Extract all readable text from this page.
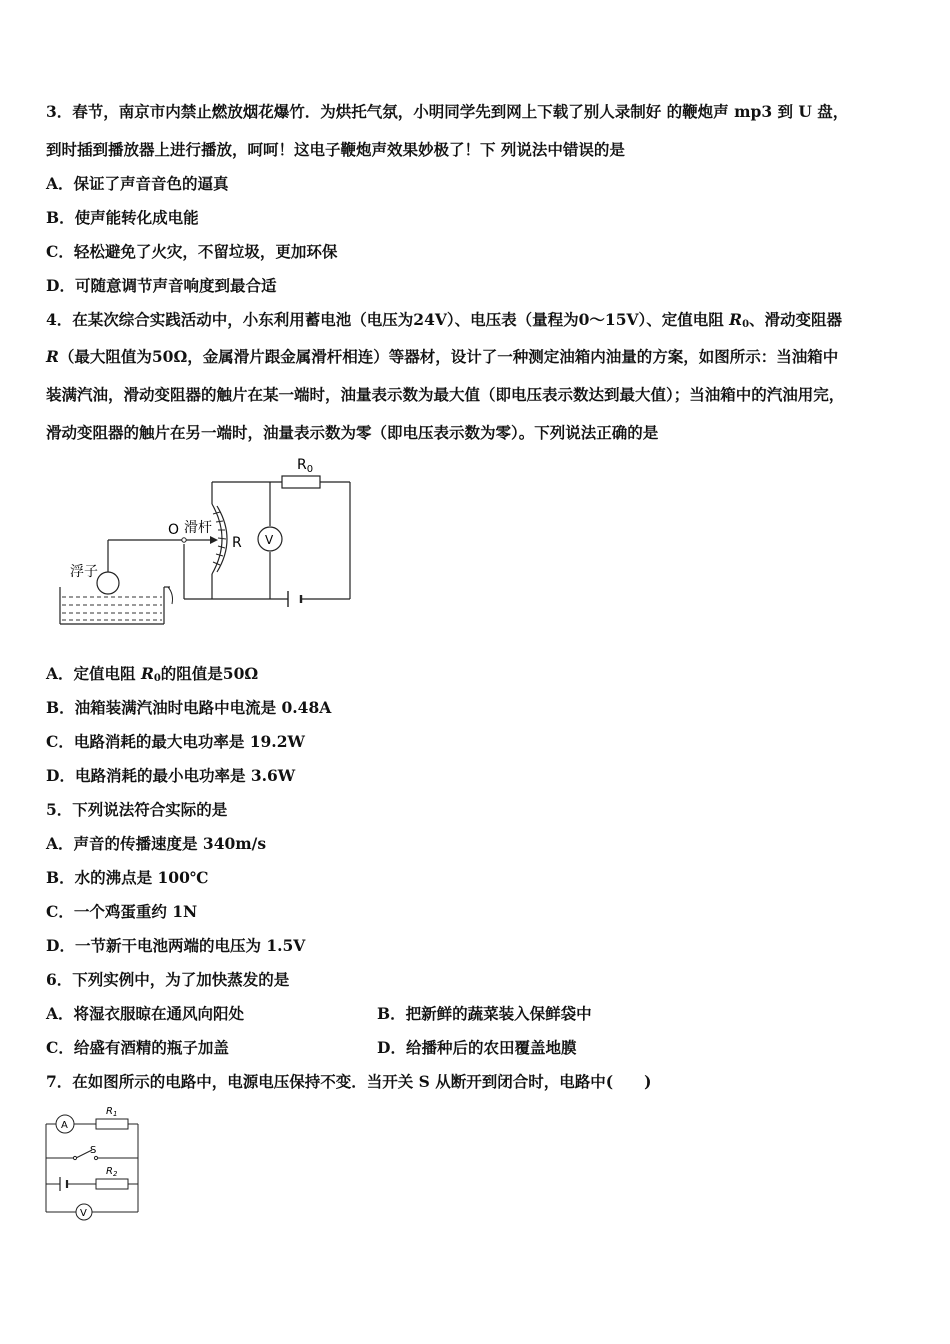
3．春节，南京市内禁止燃放烟花爆竹．为烘托气氛，小明同学先到网上下载了别人录制好 的鞭炮声 mp3 到 U 盘，
到时插到播放器上进行播放，呵呵！这电子鞭炮声效果妙极了！下 列说法中错误的是
A．保证了声音音色的逼真
B．使声能转化成电能
C．轻松避免了火灾，不留垃圾，更加环保
D．可随意调节声音响度到最合适
4．在某次综合实践活动中，小东利用蓄电池（电压为24V）、电压表（量程为0～15V）、定值电阻 $R_0$、滑动变阻器
R（最大阻值为50Ω，金属滑片跟金属滑杆相连）等器材，设计了一种测定油箱内油量的方案，如图所示：当油箱中
装满汽油，滑动变阻器的触片在某一端时，油量表示数为最大值（即电压表示数达到最大值）；当油箱中的汽油用完，
滑动变阻器的触片在另一端时，油量表示数为零（即电压表示数为零）。下列说法正确的是
$R_0$
O 滑杆
R V
浮子
A．定值电阻 $R_0$的阻值是50Ω
B．油箱装满汽油时电路中电流是 0.48A
C．电路消耗的最大电功率是 19.2W
D．电路消耗的最小电功率是 3.6W
5．下列说法符合实际的是
A．声音的传播速度是 340m/s
B．水的沸点是 100℃
C．一个鸡蛋重约 1N
D．一节新干电池两端的电压为 1.5V
6．下列实例中，为了加快蒸发的是
A．将湿衣服晾在通风向阳处	B．把新鲜的蔬菜装入保鲜袋中
C．给盛有酒精的瓶子加盖	D．给播种后的农田覆盖地膜
7．在如图所示的电路中，电源电压保持不变．当开关 S 从断开到闭合时，电路中(　　)
A
$R_1$
S
$R_2$
V
